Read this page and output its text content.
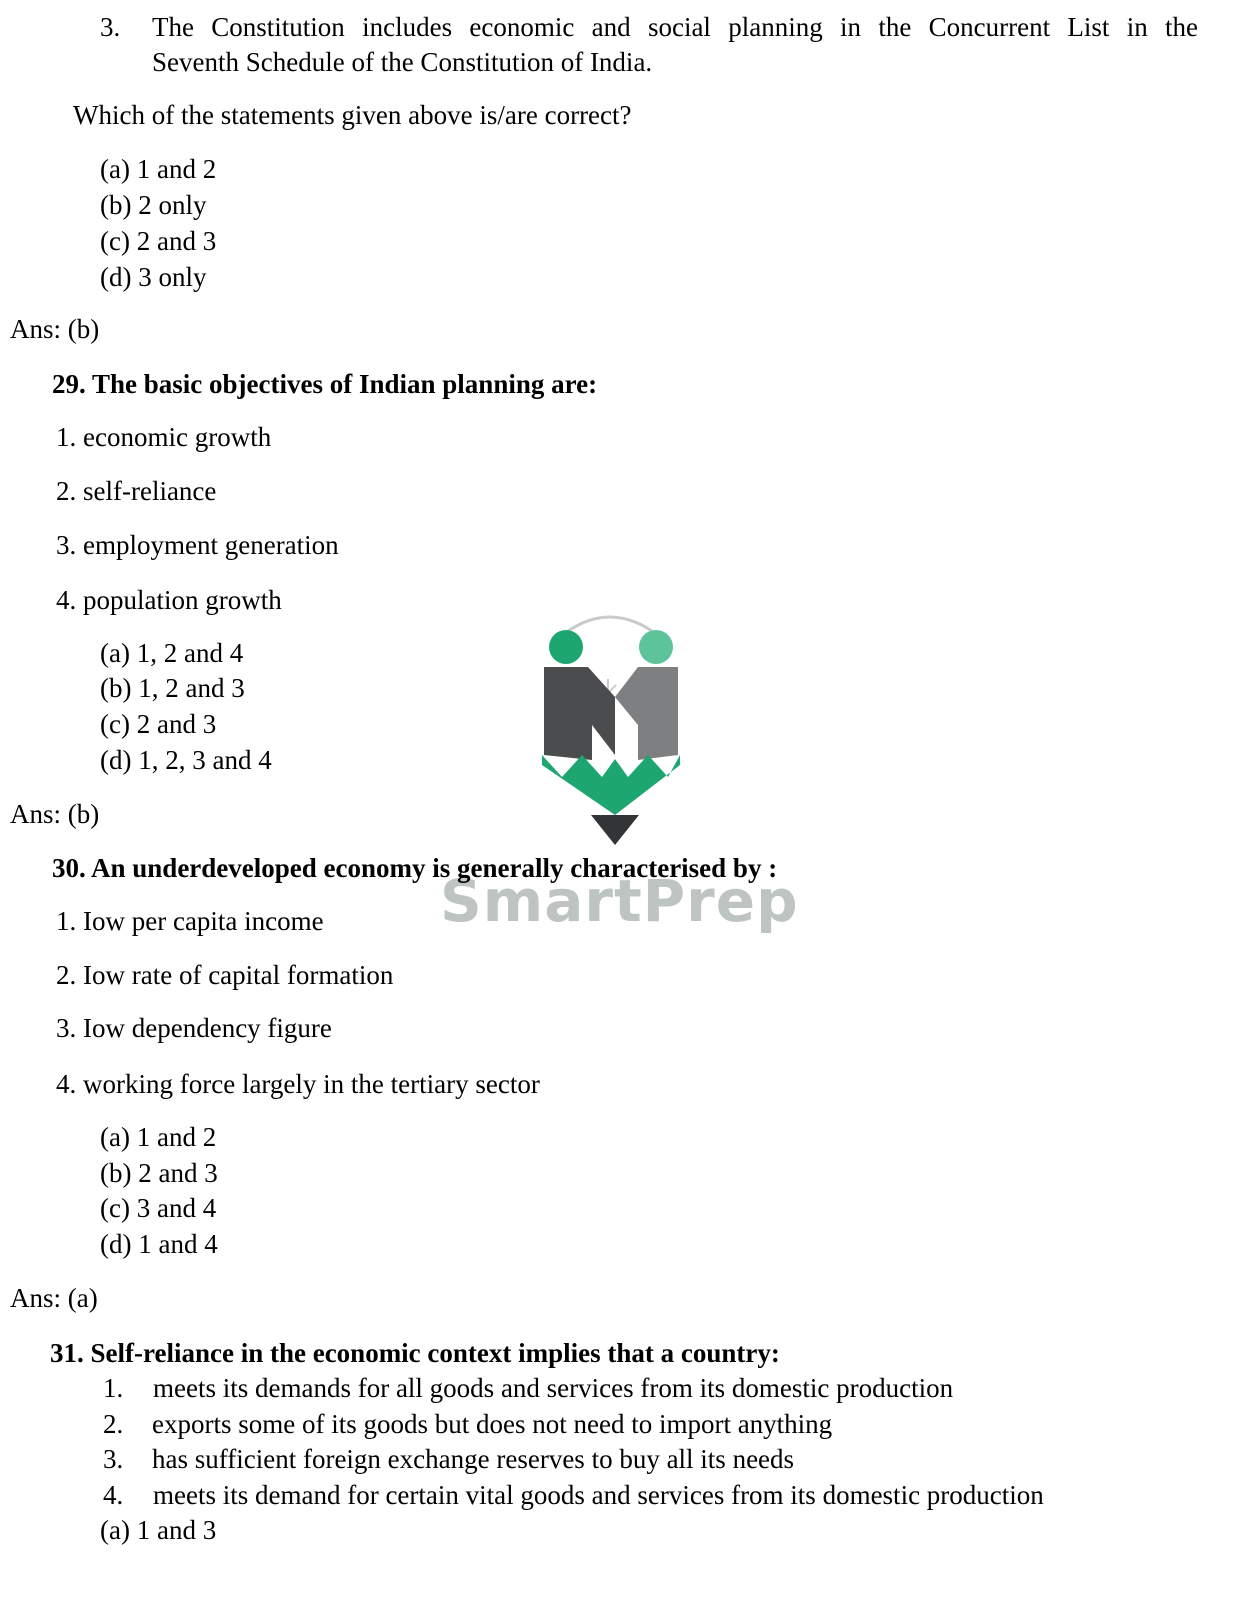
3. The Constitution includes economic and social planning in the Concurrent List in the
Seventh Schedule of the Constitution of India.
Which of the statements given above is/are correct?
(a) 1 and 2
(b) 2 only
(c) 2 and 3
(d) 3 only
Ans: (b)
29. The basic objectives of Indian planning are:
1. economic growth
2. self-reliance
3. employment generation
4. population growth
(a) 1, 2 and 4
(b) 1, 2 and 3
(c) 2 and 3
(d) 1, 2, 3 and 4
Ans: (b)
SmartPrep
30. An underdeveloped economy is generally characterised by :
1. Iow per capita income
2. Iow rate of capital formation
3. Iow dependency figure
4. working force largely in the tertiary sector
(a) 1 and 2
(b) 2 and 3
(c) 3 and 4
(d) 1 and 4
Ans: (a)
31. Self-reliance in the economic context implies that a country:
1. meets its demands for all goods and services from its domestic production
2. exports some of its goods but does not need to import anything
3. has sufficient foreign exchange reserves to buy all its needs
4. meets its demand for certain vital goods and services from its domestic production
(a) 1 and 3
